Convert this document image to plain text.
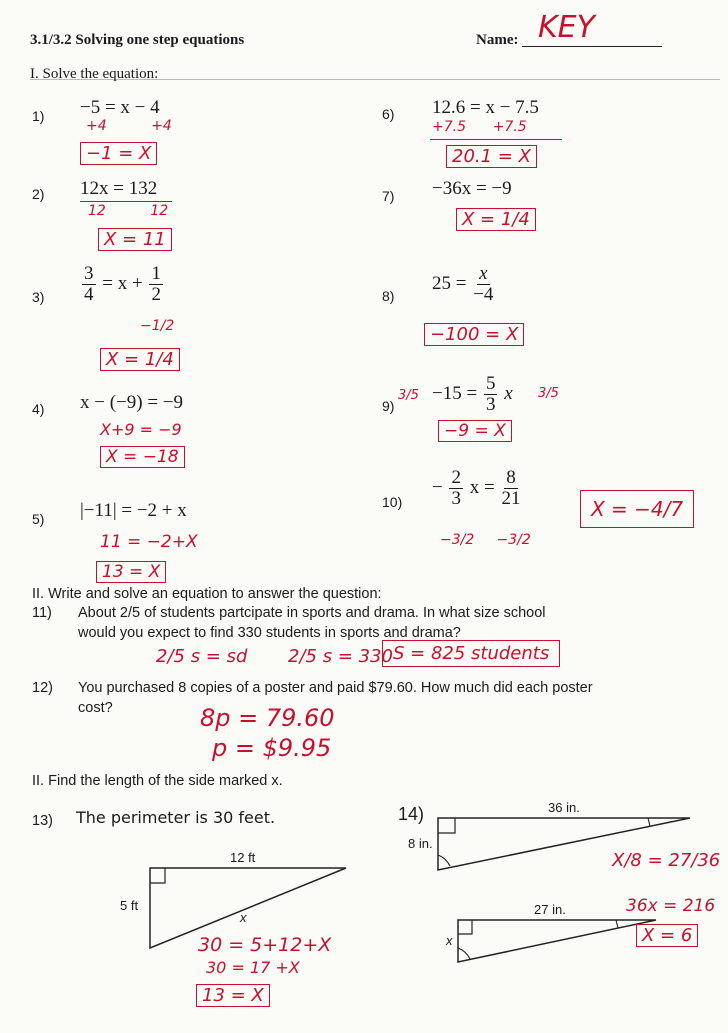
3.1/3.2 Solving one step equations	Name: KEY
I. Solve the equation:
1) −5 = x − 4
+4          +4
−1 = X
2) 12x = 132
12          12
X = 11
$3) \frac{3}{4} = x + \frac{1}{2}$
−1/2
X = 1/4
4) x − (−9) = −9
X+9 = −9
X = −18
5) |−11| = −2 + x
11 = −2+X
13 = X
6) 12.6 = x − 7.5
+7.5      +7.5
20.1 = X
7) −36x = −9
X = 1/4
8)
$25 = \frac{x}{-4}$
−100 = X
9)
$3/5 -15 = \frac{5}{3}$ x 3/5
−9 = X
10)
− $\frac{2}{3}$ $x = \frac{8}{21}$
−3/2     −3/2
X = −4/7
II. Write and solve an equation to answer the question:
11) About 2/5 of students partcipate in sports and drama. In what size school
would you expect to find 330 students in sports and drama?
2/5 s = sd 2/5 s = 330 S = 825 students
12) You purchased 8 copies of a poster and paid $79.60. How much did each poster
cost?	8p = 79.60
p = $9.95
II. Find the length of the side marked x.
13) The perimeter is 30 feet.	14)
12 ft
5 ft
x
30 = 5+12+X
30 = 17 +X
13 = X
36 in.
8 in.
27 in.
x
X/8 = 27/36
36x = 216
X = 6
